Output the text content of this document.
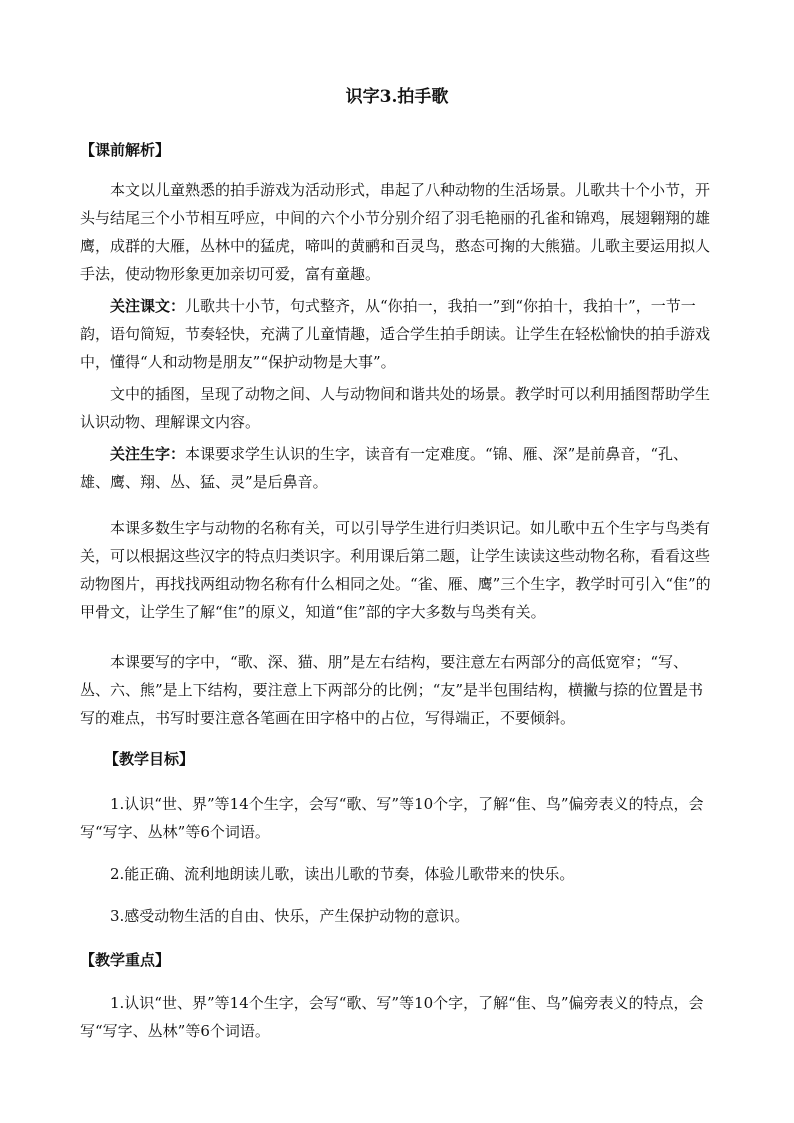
识字3.拍手歌
【课前解析】

本文以儿童熟悉的拍手游戏为活动形式，串起了八种动物的生活场景。儿歌共十个小节，开头与结尾三个小节相互呼应，中间的六个小节分别介绍了羽毛艳丽的孔雀和锦鸡，展翅翱翔的雄鹰，成群的大雁，丛林中的猛虎，啼叫的黄鹂和百灵鸟，憨态可掬的大熊猫。儿歌主要运用拟人手法，使动物形象更加亲切可爱，富有童趣。

关注课文：儿歌共十小节，句式整齐，从“你拍一，我拍一”到“你拍十，我拍十”，一节一韵，语句简短，节奏轻快，充满了儿童情趣，适合学生拍手朗读。让学生在轻松愉快的拍手游戏中，懂得“人和动物是朋友”“保护动物是大事”。

文中的插图，呈现了动物之间、人与动物间和谐共处的场景。教学时可以利用插图帮助学生认识动物、理解课文内容。

关注生字：本课要求学生认识的生字，读音有一定难度。“锦、雁、深”是前鼻音，“孔、雄、鹰、翔、丛、猛、灵”是后鼻音。

本课多数生字与动物的名称有关，可以引导学生进行归类识记。如儿歌中五个生字与鸟类有关，可以根据这些汉字的特点归类识字。利用课后第二题，让学生读读这些动物名称，看看这些动物图片，再找找两组动物名称有什么相同之处。“雀、雁、鹰”三个生字，教学时可引入“隹”的甲骨文，让学生了解“隹”的原义，知道“隹”部的字大多数与鸟类有关。

本课要写的字中，“歌、深、猫、朋”是左右结构，要注意左右两部分的高低宽窄；“写、丛、六、熊”是上下结构，要注意上下两部分的比例；“友”是半包围结构，横撇与捺的位置是书写的难点，书写时要注意各笔画在田字格中的占位，写得端正，不要倾斜。

【教学目标】

1.认识“世、界”等14个生字，会写“歌、写”等10个字，了解“隹、鸟”偏旁表义的特点，会写“写字、丛林”等6个词语。

2.能正确、流利地朗读儿歌，读出儿歌的节奏，体验儿歌带来的快乐。

3.感受动物生活的自由、快乐，产生保护动物的意识。

【教学重点】

1.认识“世、界”等14个生字，会写“歌、写”等10个字，了解“隹、鸟”偏旁表义的特点，会写“写字、丛林”等6个词语。
